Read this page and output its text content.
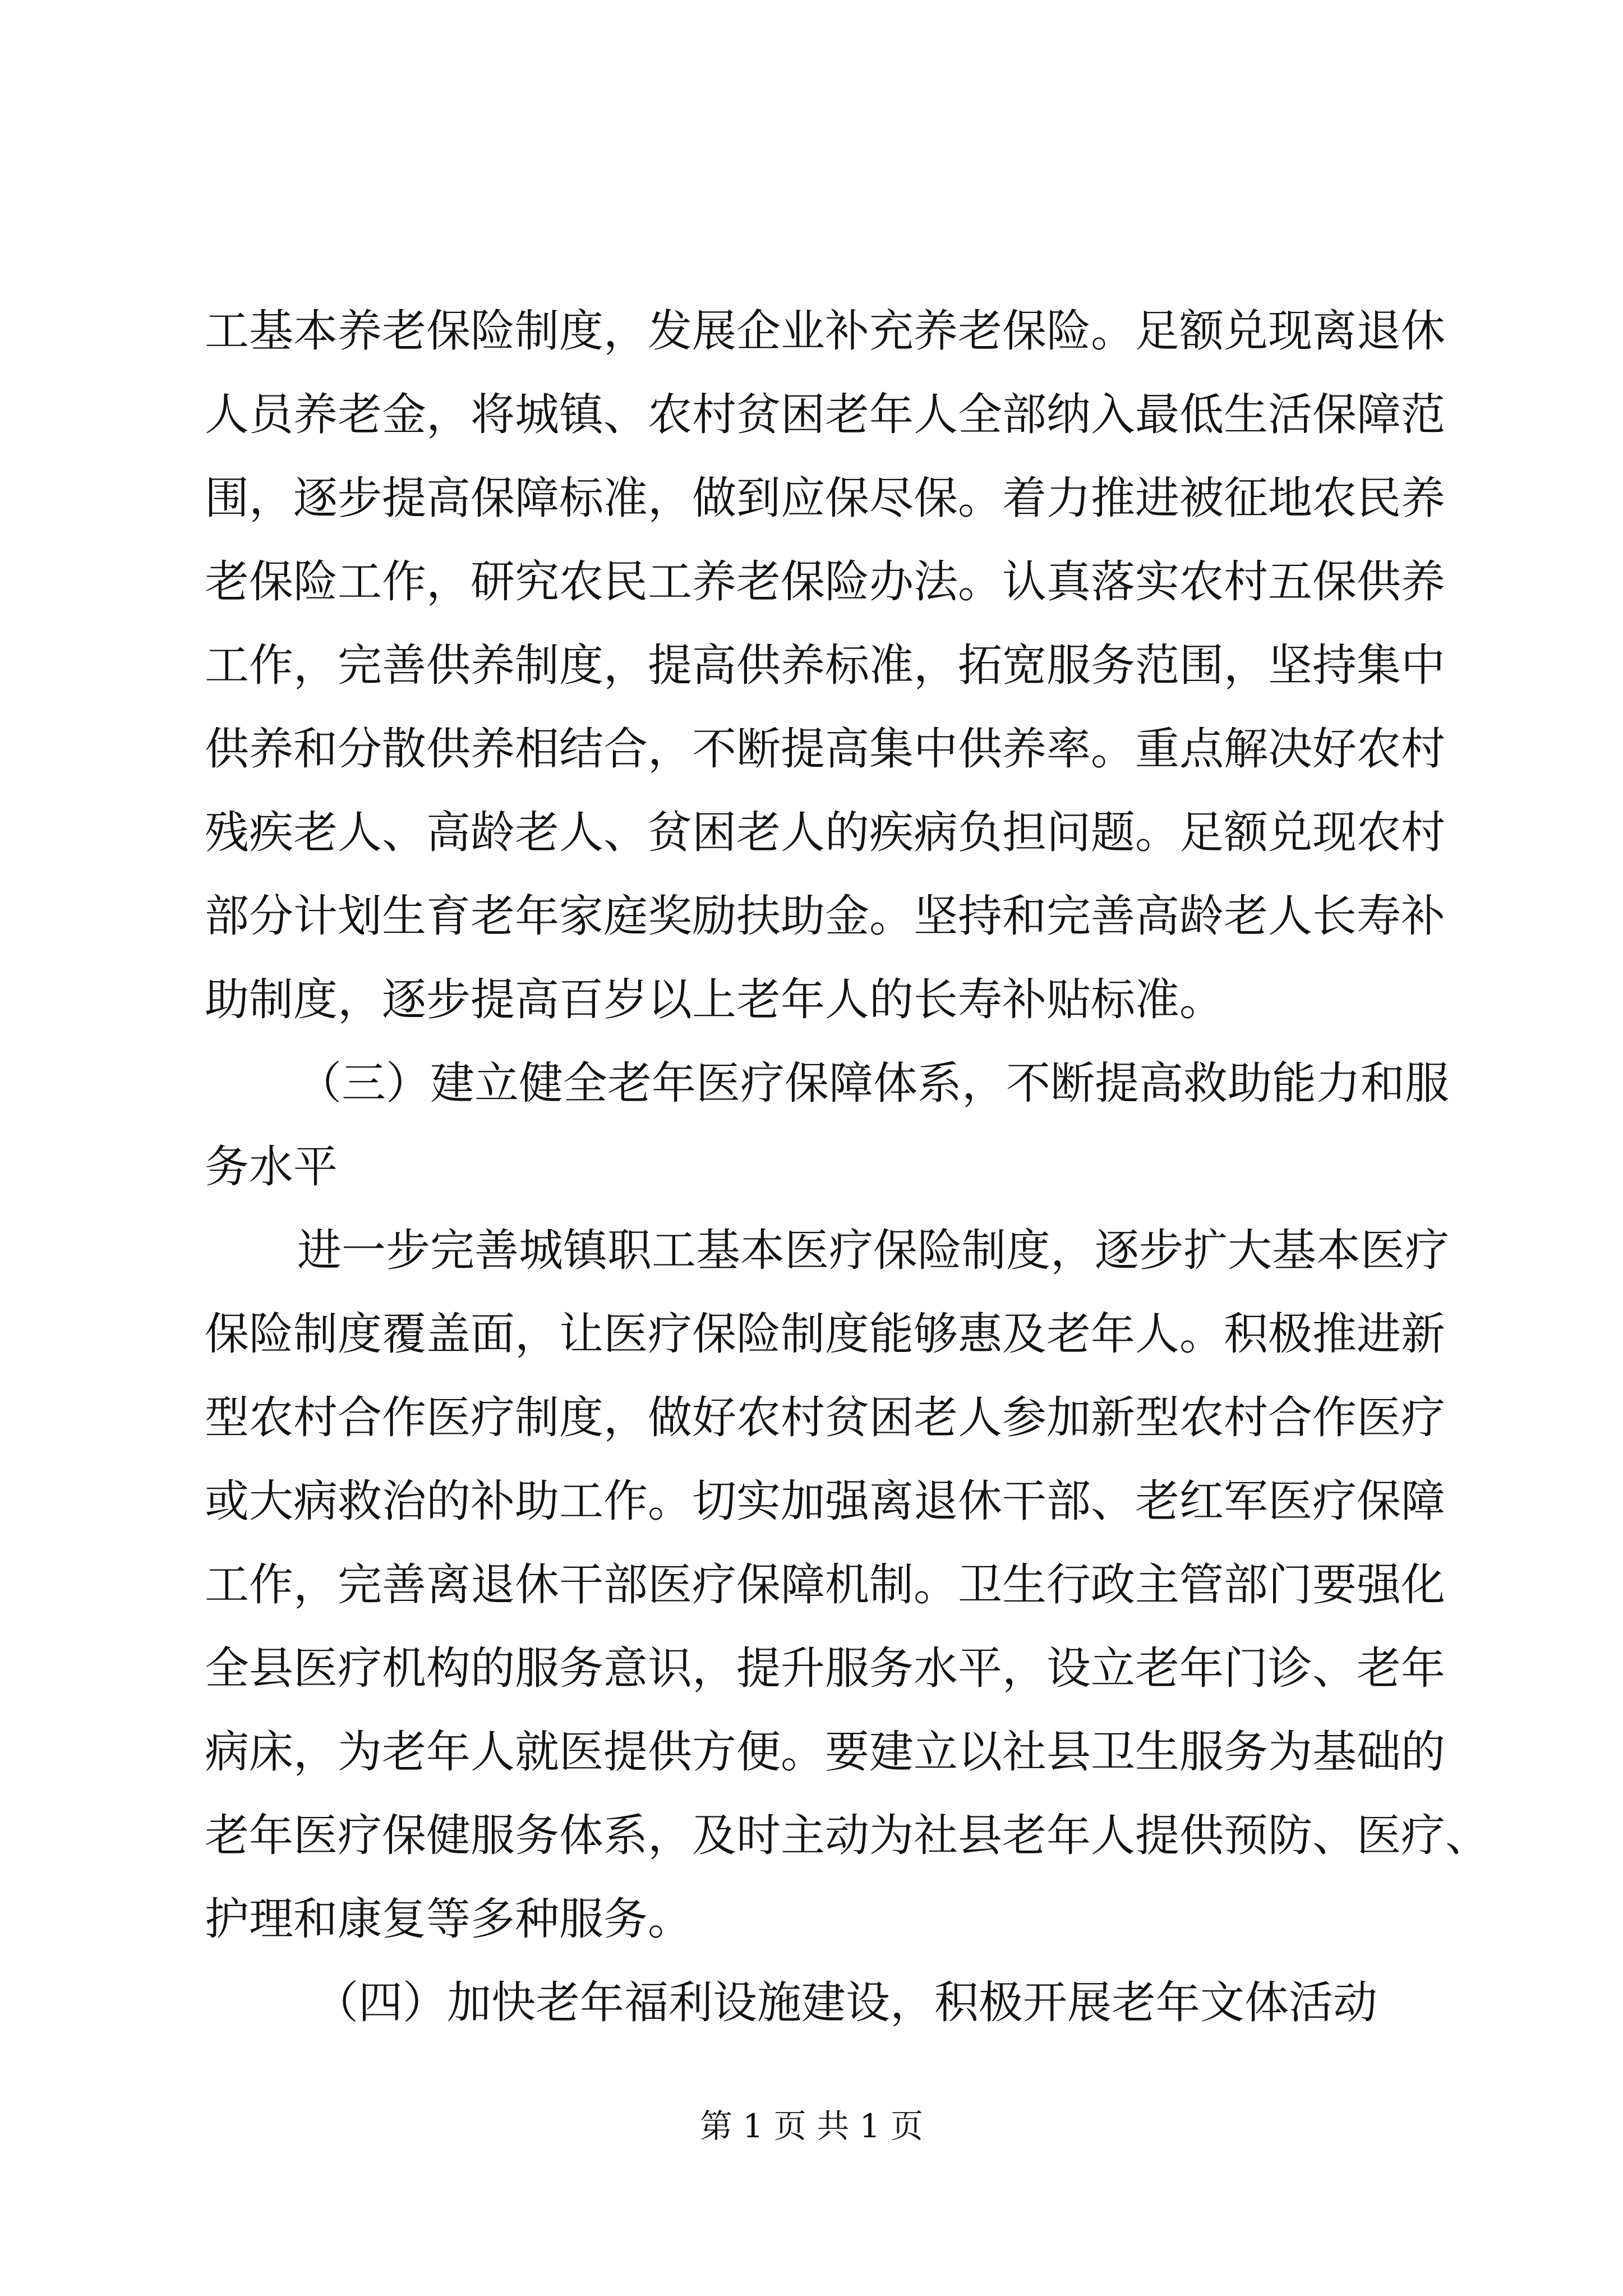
工基本养老保险制度，发展企业补充养老保险。足额兑现离退休
人员养老金，将城镇、农村贫困老年人全部纳入最低生活保障范
围，逐步提高保障标准，做到应保尽保。着力推进被征地农民养
老保险工作，研究农民工养老保险办法。认真落实农村五保供养
工作，完善供养制度，提高供养标准，拓宽服务范围，坚持集中
供养和分散供养相结合，不断提高集中供养率。重点解决好农村
残疾老人、高龄老人、贫困老人的疾病负担问题。足额兑现农村
部分计划生育老年家庭奖励扶助金。坚持和完善高龄老人长寿补
助制度，逐步提高百岁以上老年人的长寿补贴标准。
（三）建立健全老年医疗保障体系，不断提高救助能力和服
务水平
进一步完善城镇职工基本医疗保险制度，逐步扩大基本医疗
保险制度覆盖面，让医疗保险制度能够惠及老年人。积极推进新
型农村合作医疗制度，做好农村贫困老人参加新型农村合作医疗
或大病救治的补助工作。切实加强离退休干部、老红军医疗保障
工作，完善离退休干部医疗保障机制。卫生行政主管部门要强化
全县医疗机构的服务意识，提升服务水平，设立老年门诊、老年
病床，为老年人就医提供方便。要建立以社县卫生服务为基础的
老年医疗保健服务体系，及时主动为社县老年人提供预防、医疗、
护理和康复等多种服务。
（四）加快老年福利设施建设，积极开展老年文体活动
第 1 页 共 1 页
